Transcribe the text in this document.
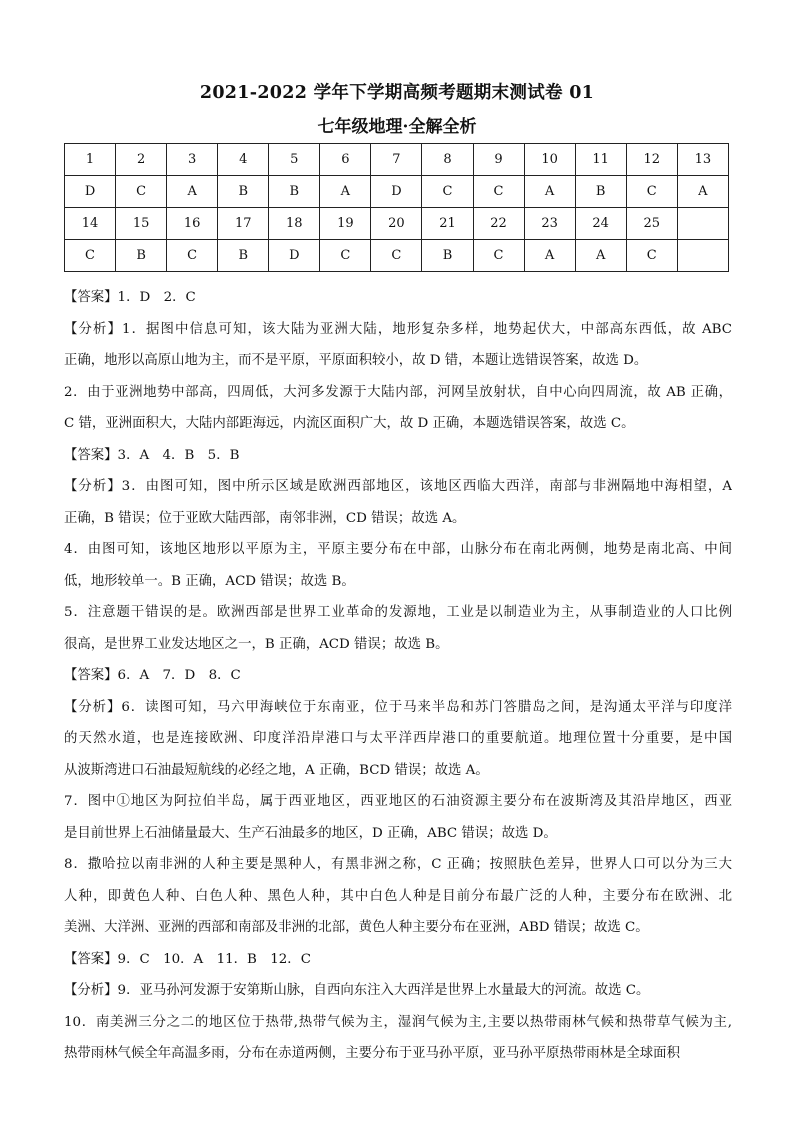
2021-2022 学年下学期高频考题期末测试卷 01

七年级地理·全解全析

1	2	3	4	5	6	7	8	9	10	11	12	13
D	C	A	B	B	A	D	C	C	A	B	C	A
14	15	16	17	18	19	20	21	22	23	24	25	
C	B	C	B	D	C	C	B	C	A	A	C	

【答案】1．D　2．C

【分析】1．据图中信息可知，该大陆为亚洲大陆，地形复杂多样，地势起伏大，中部高东西低，故 ABC

正确，地形以高原山地为主，而不是平原，平原面积较小，故 D 错，本题让选错误答案，故选 D。

2．由于亚洲地势中部高，四周低，大河多发源于大陆内部，河网呈放射状，自中心向四周流，故 AB 正确，

C 错，亚洲面积大，大陆内部距海远，内流区面积广大，故 D 正确，本题选错误答案，故选 C。

【答案】3．A　4．B　5．B

【分析】3．由图可知，图中所示区域是欧洲西部地区，该地区西临大西洋，南部与非洲隔地中海相望，A

正确，B 错误；位于亚欧大陆西部，南邻非洲，CD 错误；故选 A。

4．由图可知，该地区地形以平原为主，平原主要分布在中部，山脉分布在南北两侧，地势是南北高、中间

低，地形较单一。B 正确，ACD 错误；故选 B。

5．注意题干错误的是。欧洲西部是世界工业革命的发源地，工业是以制造业为主，从事制造业的人口比例

很高，是世界工业发达地区之一，B 正确，ACD 错误；故选 B。

【答案】6．A　7．D　8．C

【分析】6．读图可知，马六甲海峡位于东南亚，位于马来半岛和苏门答腊岛之间，是沟通太平洋与印度洋

的天然水道，也是连接欧洲、印度洋沿岸港口与太平洋西岸港口的重要航道。地理位置十分重要，是中国

从波斯湾进口石油最短航线的必经之地，A 正确，BCD 错误；故选 A。

7．图中①地区为阿拉伯半岛，属于西亚地区，西亚地区的石油资源主要分布在波斯湾及其沿岸地区，西亚

是目前世界上石油储量最大、生产石油最多的地区，D 正确，ABC 错误；故选 D。

8．撒哈拉以南非洲的人种主要是黑种人，有黑非洲之称，C 正确；按照肤色差异，世界人口可以分为三大

人种，即黄色人种、白色人种、黑色人种，其中白色人种是目前分布最广泛的人种，主要分布在欧洲、北

美洲、大洋洲、亚洲的西部和南部及非洲的北部，黄色人种主要分布在亚洲，ABD 错误；故选 C。

【答案】9．C　10．A　11．B　12．C

【分析】9．亚马孙河发源于安第斯山脉，自西向东注入大西洋是世界上水量最大的河流。故选 C。

10．南美洲三分之二的地区位于热带,热带气候为主，湿润气候为主,主要以热带雨林气候和热带草气候为主,

热带雨林气候全年高温多雨，分布在赤道两侧，主要分布于亚马孙平原，亚马孙平原热带雨林是全球面积
